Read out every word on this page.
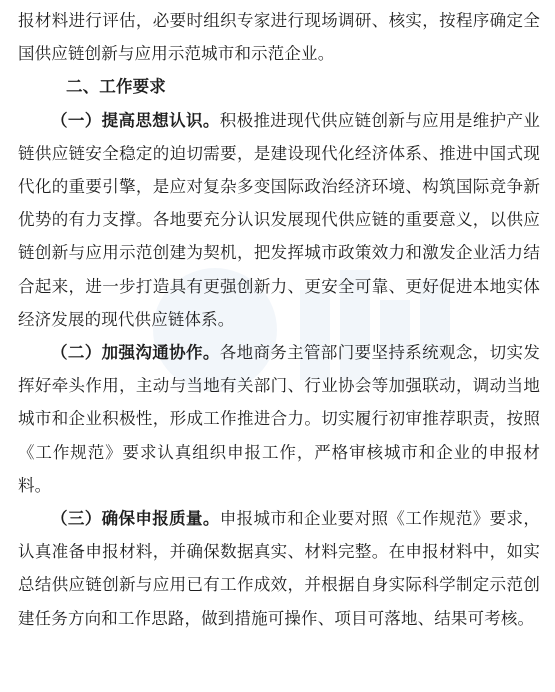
报材料进行评估，必要时组织专家进行现场调研、核实，按程序确定全国供应链创新与应用示范城市和示范企业。

二、工作要求

（一）提高思想认识。积极推进现代供应链创新与应用是维护产业链供应链安全稳定的迫切需要，是建设现代化经济体系、推进中国式现代化的重要引擎，是应对复杂多变国际政治经济环境、构筑国际竞争新优势的有力支撑。各地要充分认识发展现代供应链的重要意义，以供应链创新与应用示范创建为契机，把发挥城市政策效力和激发企业活力结合起来，进一步打造具有更强创新力、更安全可靠、更好促进本地实体经济发展的现代供应链体系。

（二）加强沟通协作。各地商务主管部门要坚持系统观念，切实发挥好牵头作用，主动与当地有关部门、行业协会等加强联动，调动当地城市和企业积极性，形成工作推进合力。切实履行初审推荐职责，按照《工作规范》要求认真组织申报工作，严格审核城市和企业的申报材料。

（三）确保申报质量。申报城市和企业要对照《工作规范》要求，认真准备申报材料，并确保数据真实、材料完整。在申报材料中，如实总结供应链创新与应用已有工作成效，并根据自身实际科学制定示范创建任务方向和工作思路，做到措施可操作、项目可落地、结果可考核。
